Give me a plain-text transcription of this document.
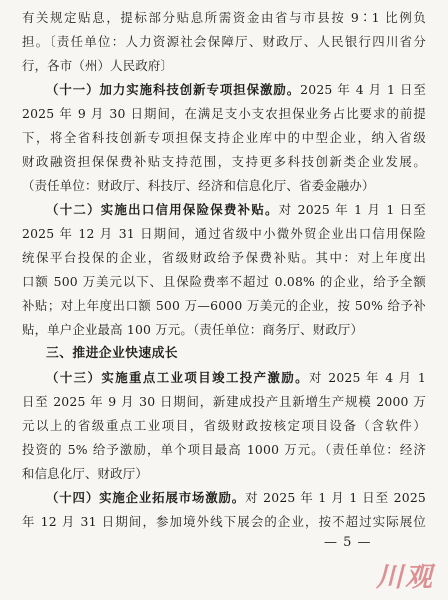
有关规定贴息，提标部分贴息所需资金由省与市县按 9∶1 比例负
担。〔责任单位：人力资源社会保障厅、财政厅、人民银行四川省分
行，各市（州）人民政府〕
（十一）加力实施科技创新专项担保激励。2025 年 4 月 1 日至
2025 年 9 月 30 日期间，在满足支小支农担保业务占比要求的前提
下，将全省科技创新专项担保支持企业库中的中型企业，纳入省级
财政融资担保保费补贴支持范围，支持更多科技创新类企业发展。
（责任单位：财政厅、科技厅、经济和信息化厅、省委金融办）
（十二）实施出口信用保险保费补贴。对 2025 年 1 月 1 日至
2025 年 12 月 31 日期间，通过省级中小微外贸企业出口信用保险
统保平台投保的企业，省级财政给予保费补贴。其中：对上年度出
口额 500 万美元以下、且保险费率不超过 0.08% 的企业，给予全额
补贴；对上年度出口额 500 万—6000 万美元的企业，按 50% 给予补
贴，单户企业最高 100 万元。（责任单位：商务厅、财政厅）
三、推进企业快速成长
（十三）实施重点工业项目竣工投产激励。对 2025 年 4 月 1
日至 2025 年 9 月 30 日期间，新建成投产且新增生产规模 2000 万
元以上的省级重点工业项目，省级财政按核定项目设备（含软件）
投资的 5% 给予激励，单个项目最高 1000 万元。（责任单位：经济
和信息化厅、财政厅）
（十四）实施企业拓展市场激励。对 2025 年 1 月 1 日至 2025
年 12 月 31 日期间，参加境外线下展会的企业，按不超过实际展位
— 5 —
川观
